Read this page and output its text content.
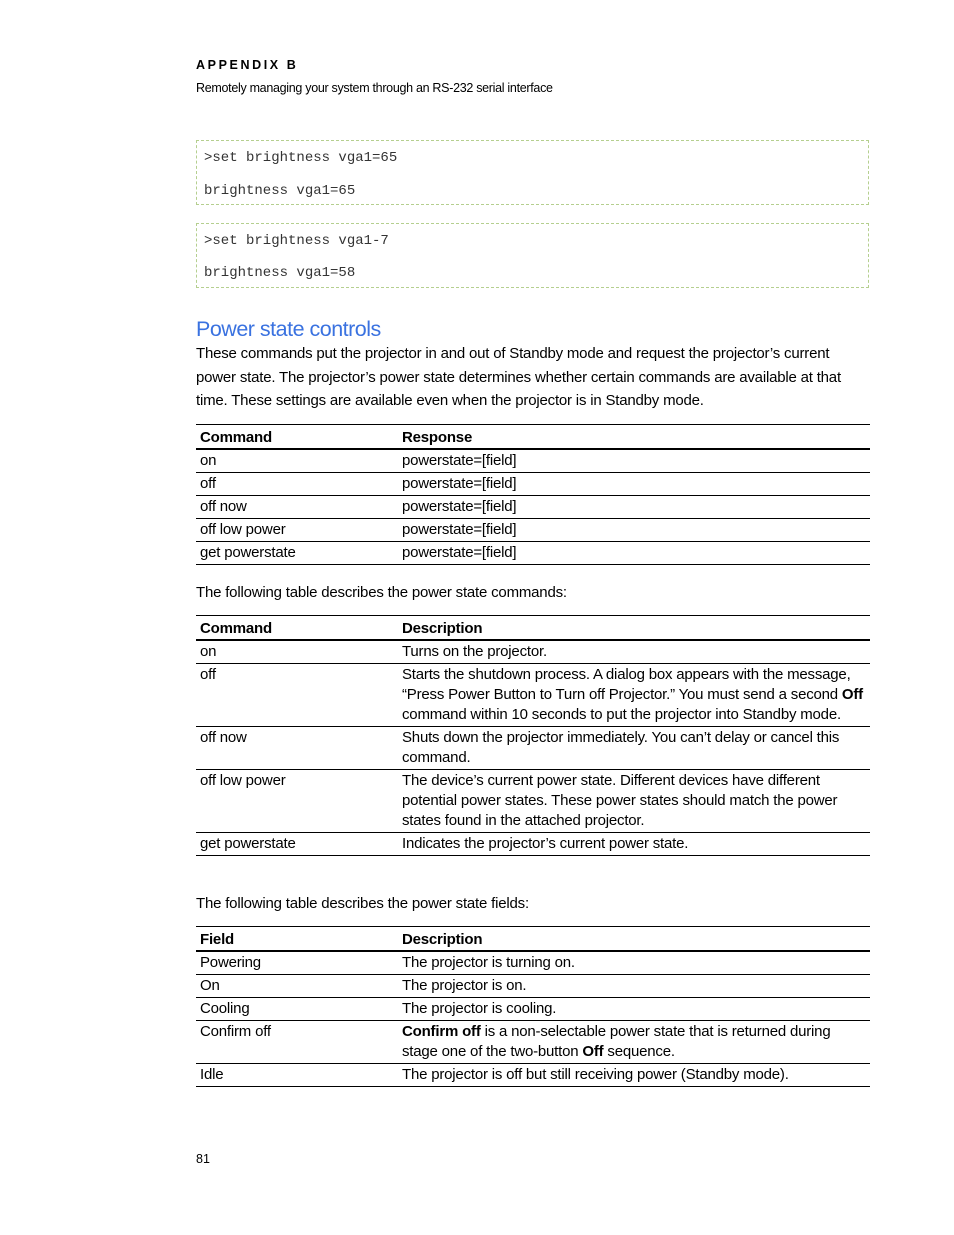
APPENDIX B
Remotely managing your system through an RS-232 serial interface
>set brightness vga1=65
brightness vga1=65
>set brightness vga1-7
brightness vga1=58
Power state controls
These commands put the projector in and out of Standby mode and request the projector’s current power state. The projector’s power state determines whether certain commands are available at that time. These settings are available even when the projector is in Standby mode.
Command	Response
on	powerstate=[field]
off	powerstate=[field]
off now	powerstate=[field]
off low power	powerstate=[field]
get powerstate	powerstate=[field]
The following table describes the power state commands:
Command	Description
on	Turns on the projector.
off	Starts the shutdown process. A dialog box appears with the message, “Press Power Button to Turn off Projector.” You must send a second Off command within 10 seconds to put the projector into Standby mode.
off now	Shuts down the projector immediately. You can’t delay or cancel this command.
off low power	The device’s current power state. Different devices have different potential power states. These power states should match the power states found in the attached projector.
get powerstate	Indicates the projector’s current power state.
The following table describes the power state fields:
Field	Description
Powering	The projector is turning on.
On	The projector is on.
Cooling	The projector is cooling.
Confirm off	Confirm off is a non-selectable power state that is returned during stage one of the two-button Off sequence.
Idle	The projector is off but still receiving power (Standby mode).
81
